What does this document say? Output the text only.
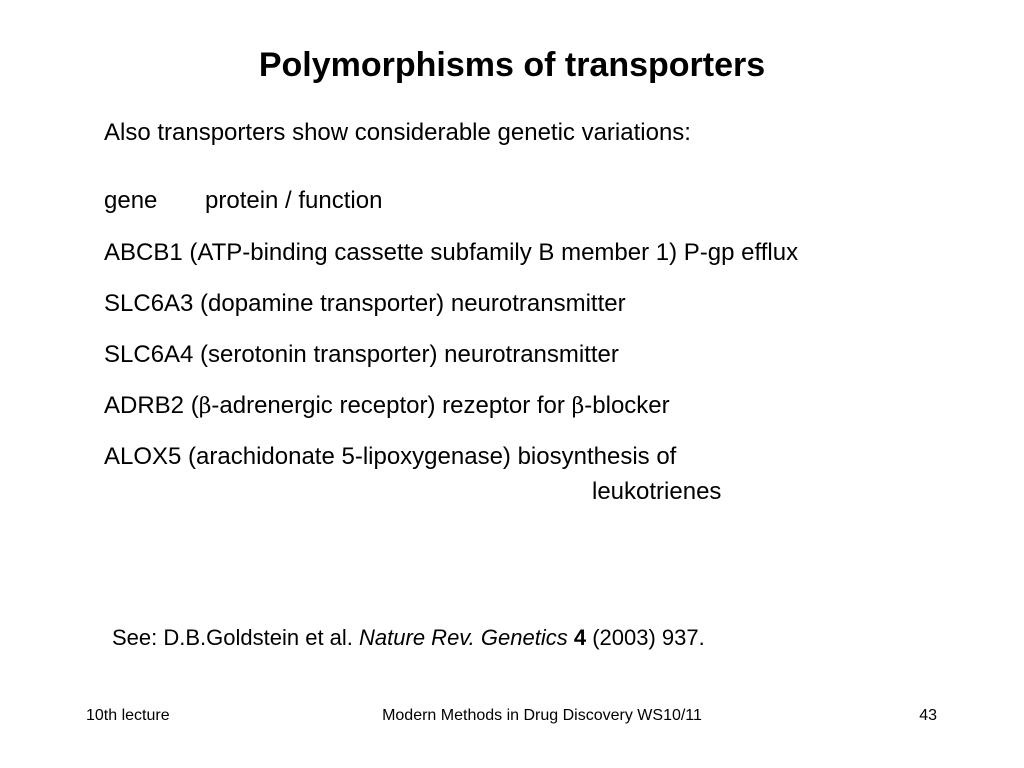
Polymorphisms of transporters
Also transporters show considerable genetic variations:
gene protein / function
ABCB1 (ATP-binding cassette subfamily B member 1) P-gp efflux
SLC6A3 (dopamine transporter) neurotransmitter
SLC6A4 (serotonin transporter) neurotransmitter
ADRB2 (β-adrenergic receptor) rezeptor for β-blocker
ALOX5 (arachidonate 5-lipoxygenase) biosynthesis of
leukotrienes
See: D.B.Goldstein et al. Nature Rev. Genetics 4 (2003) 937.
10th lecture	Modern Methods in Drug Discovery WS10/11	43
